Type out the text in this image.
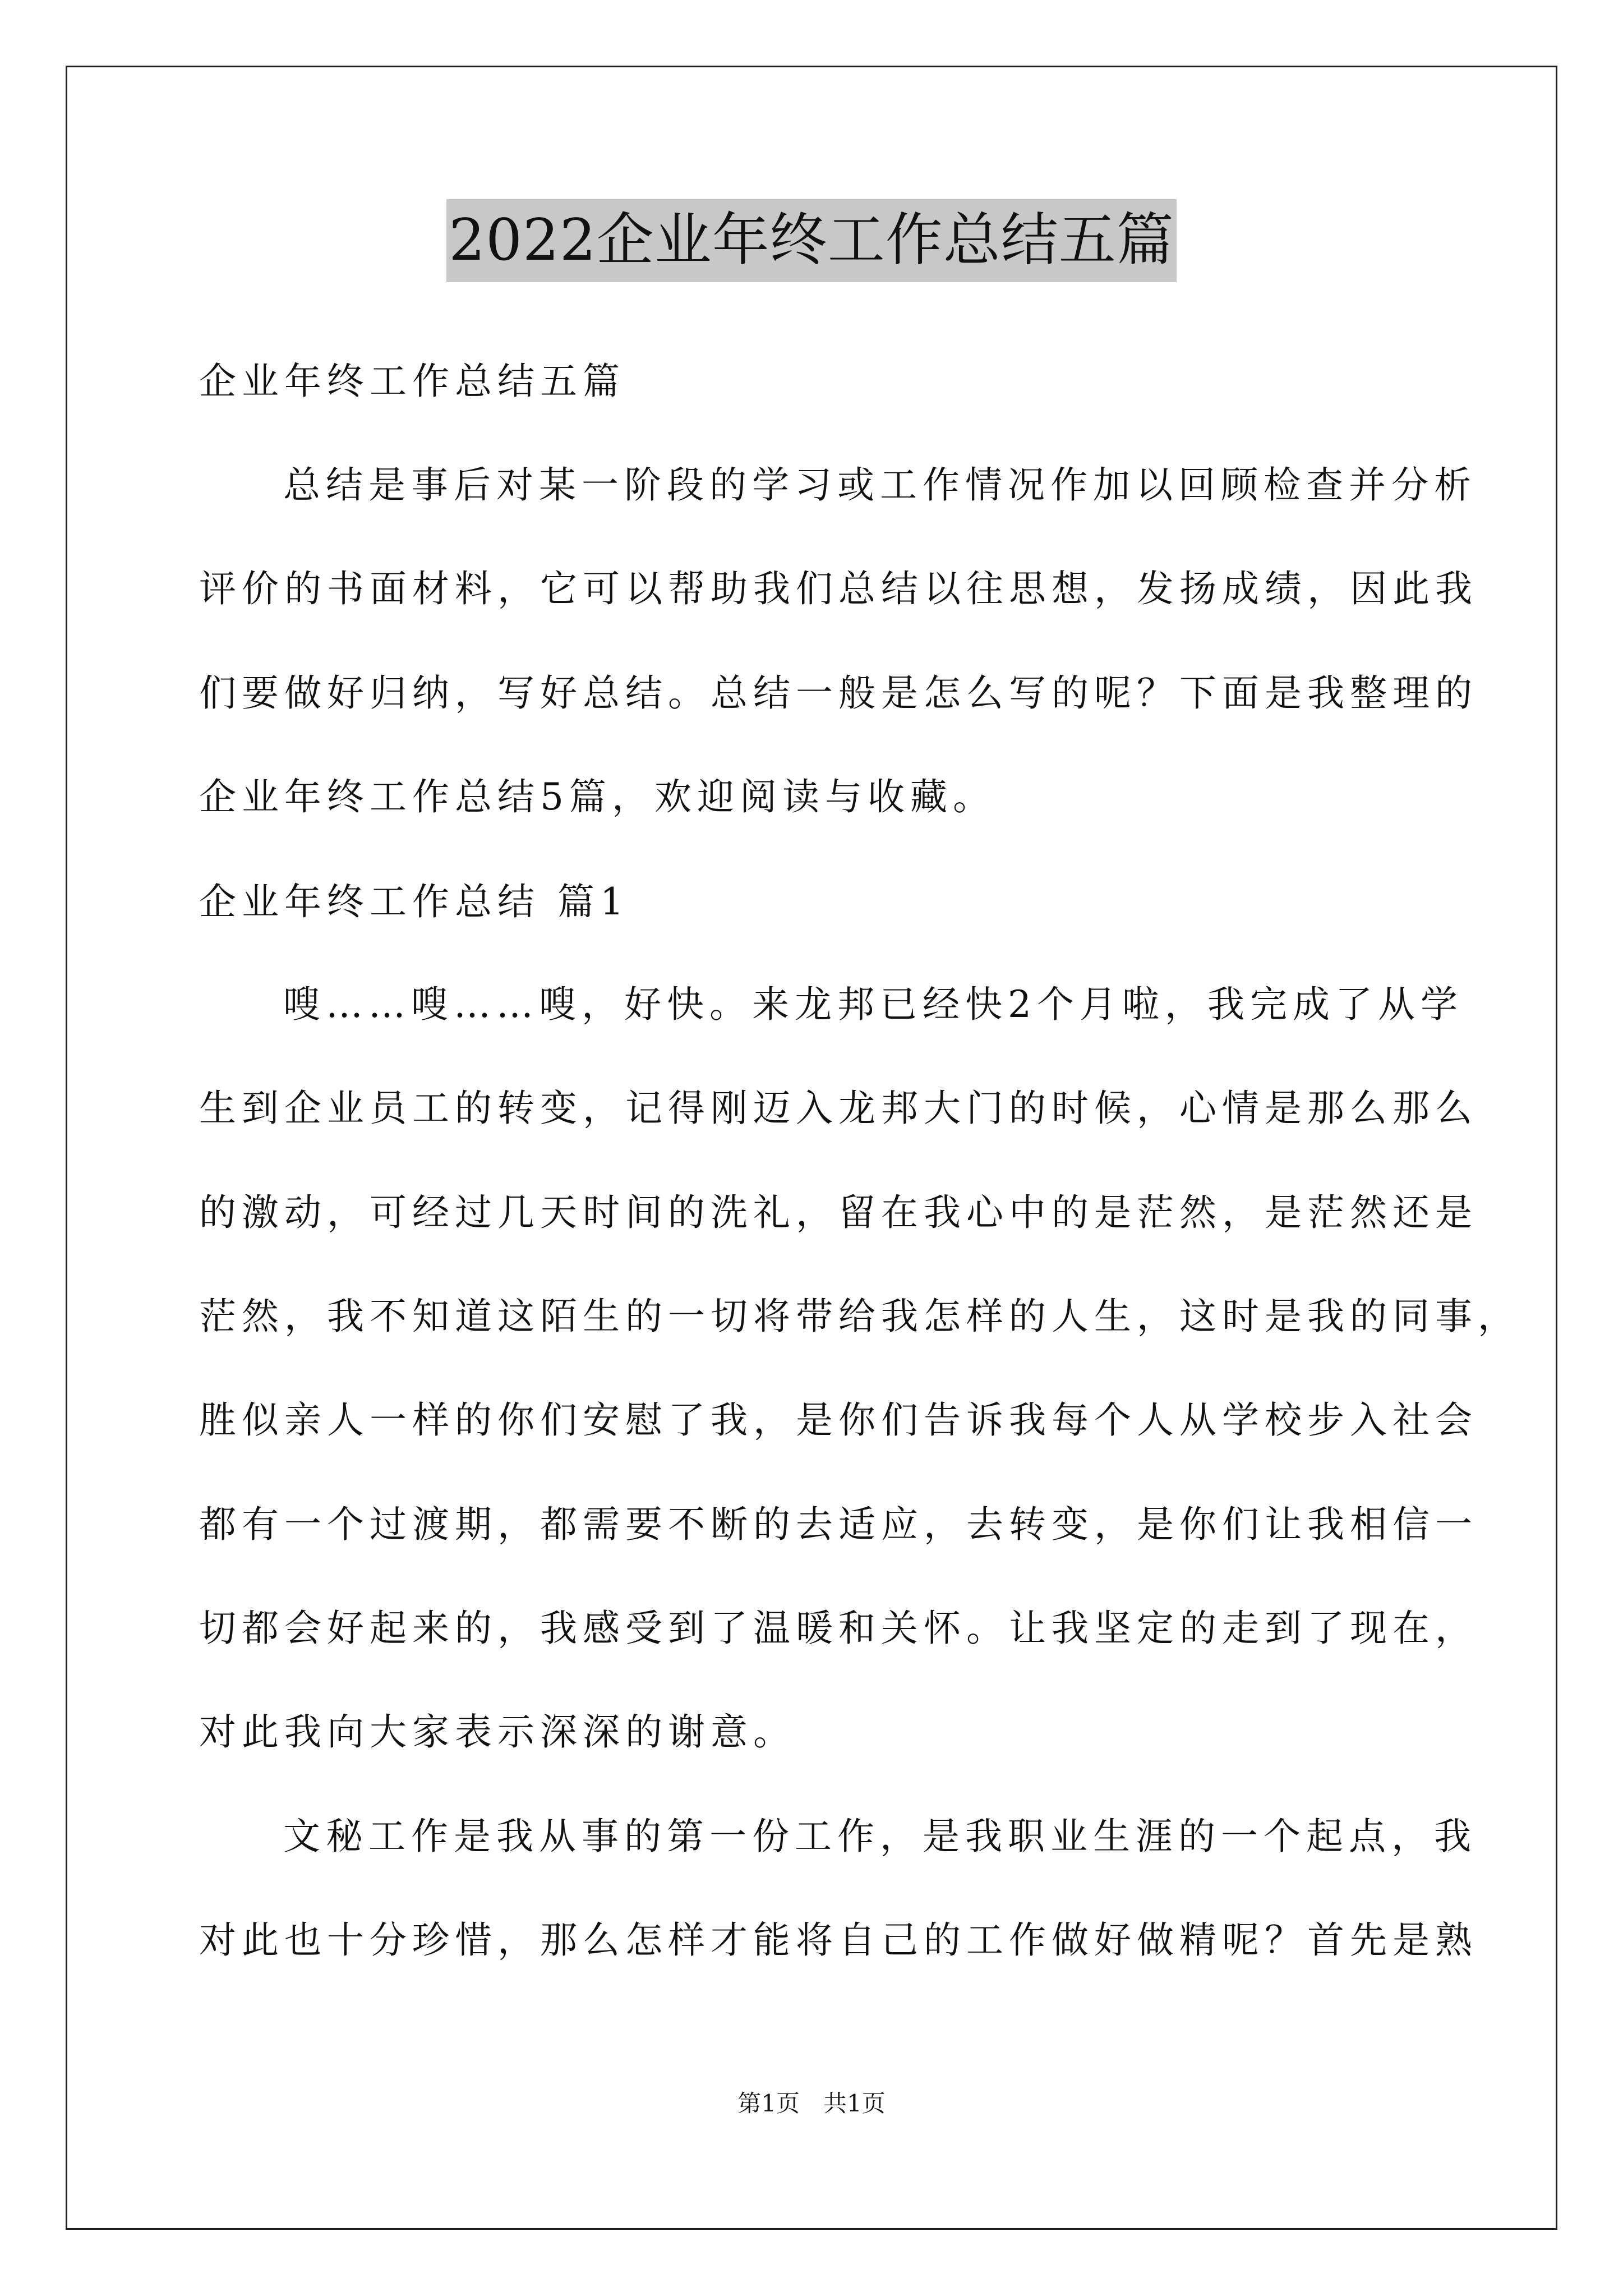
2022企业年终工作总结五篇
企业年终工作总结五篇
总结是事后对某一阶段的学习或工作情况作加以回顾检查并分析
评价的书面材料，它可以帮助我们总结以往思想，发扬成绩，因此我
们要做好归纳，写好总结。总结一般是怎么写的呢？下面是我整理的
企业年终工作总结5篇，欢迎阅读与收藏。
企业年终工作总结 篇1
嗖……嗖……嗖，好快。来龙邦已经快2个月啦，我完成了从学
生到企业员工的转变，记得刚迈入龙邦大门的时候，心情是那么那么
的激动，可经过几天时间的洗礼，留在我心中的是茫然，是茫然还是
茫然，我不知道这陌生的一切将带给我怎样的人生，这时是我的同事，
胜似亲人一样的你们安慰了我，是你们告诉我每个人从学校步入社会
都有一个过渡期，都需要不断的去适应，去转变，是你们让我相信一
切都会好起来的，我感受到了温暖和关怀。让我坚定的走到了现在，
对此我向大家表示深深的谢意。
文秘工作是我从事的第一份工作，是我职业生涯的一个起点，我
对此也十分珍惜，那么怎样才能将自己的工作做好做精呢？首先是熟
第1页　共1页
